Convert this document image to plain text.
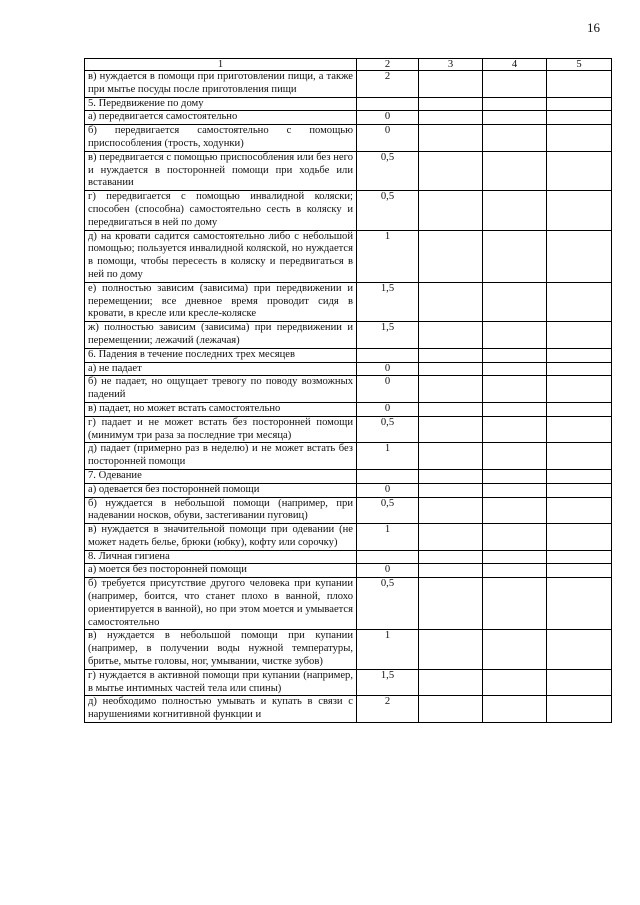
16
1	2	3	4	5
в) нуждается в помощи при приготовлении пищи, а также при мытье посуды после приготовления пищи	2			
5. Передвижение по дому				
а) передвигается самостоятельно	0			
б) передвигается самостоятельно с помощью приспособления (трость, ходунки)	0			
в) передвигается с помощью приспособления или без него и нуждается в посторонней помощи при ходьбе или вставании	0,5			
г) передвигается с помощью инвалидной коляски; способен (способна) самостоятельно сесть в коляску и передвигаться в ней по дому	0,5			
д) на кровати садится самостоятельно либо с небольшой помощью; пользуется инвалидной коляской, но нуждается в помощи, чтобы пересесть в коляску и передвигаться в ней по дому	1			
е) полностью зависим (зависима) при передвижении и перемещении; все дневное время проводит сидя в кровати, в кресле или кресле-коляске	1,5			
ж) полностью зависим (зависима) при передвижении и перемещении; лежачий (лежачая)	1,5			
6. Падения в течение последних трех месяцев				
а) не падает	0			
б) не падает, но ощущает тревогу по поводу возможных падений	0			
в) падает, но может встать самостоятельно	0			
г) падает и не может встать без посторонней помощи (минимум три раза за последние три месяца)	0,5			
д) падает (примерно раз в неделю) и не может встать без посторонней помощи	1			
7. Одевание				
а) одевается без посторонней помощи	0			
б) нуждается в небольшой помощи (например, при надевании носков, обуви, застегивании пуговиц)	0,5			
в) нуждается в значительной помощи при одевании (не может надеть белье, брюки (юбку), кофту или сорочку)	1			
8. Личная гигиена				
а) моется без посторонней помощи	0			
б) требуется присутствие другого человека при купании (например, боится, что станет плохо в ванной, плохо ориентируется в ванной), но при этом моется и умывается самостоятельно	0,5			
в) нуждается в небольшой помощи при купании (например, в получении воды нужной температуры, бритье, мытье головы, ног, умывании, чистке зубов)	1			
г) нуждается в активной помощи при купании (например, в мытье интимных частей тела или спины)	1,5			
д) необходимо полностью умывать и купать в связи с нарушениями когнитивной функции и	2			
